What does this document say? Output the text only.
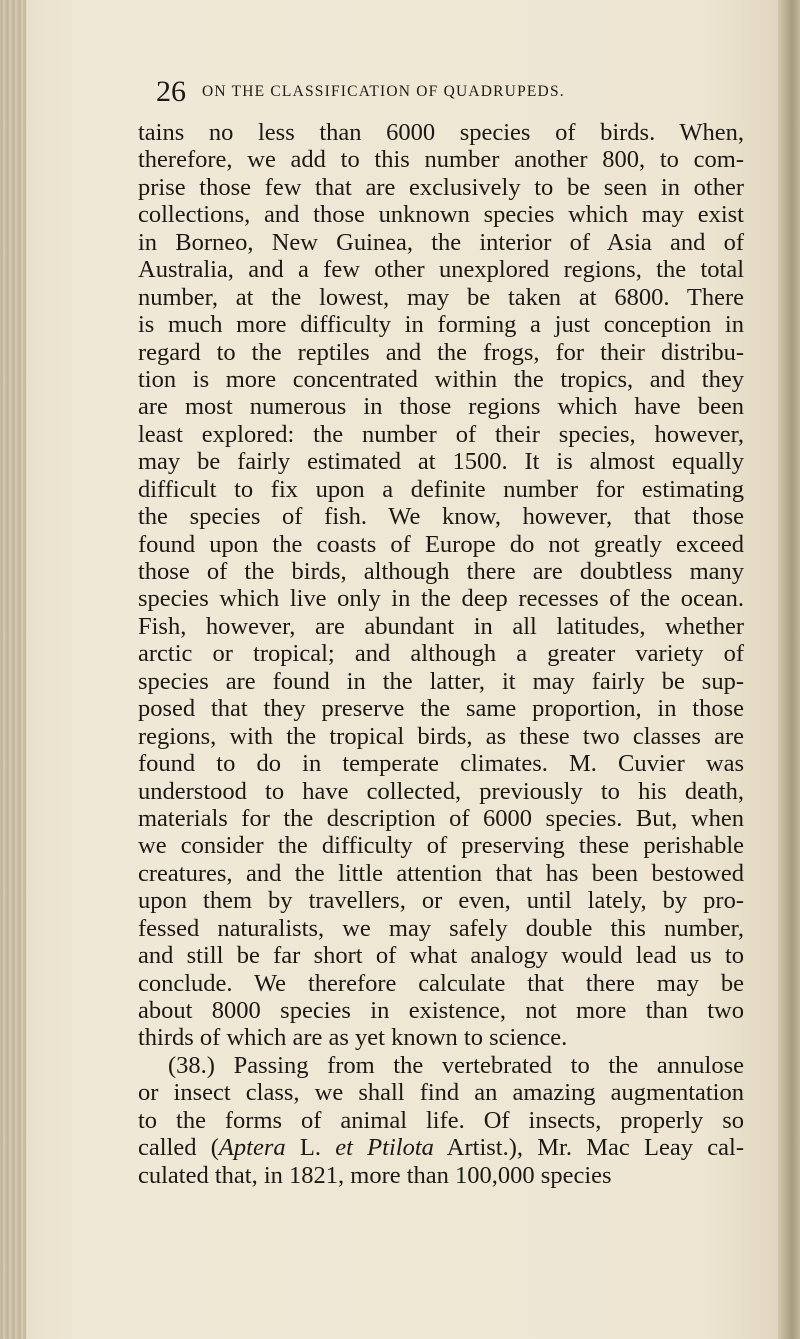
26 ON THE CLASSIFICATION OF QUADRUPEDS.
tains no less than 6000 species of birds. When,
therefore, we add to this number another 800, to com-
prise those few that are exclusively to be seen in other
collections, and those unknown species which may exist
in Borneo, New Guinea, the interior of Asia and of
Australia, and a few other unexplored regions, the total
number, at the lowest, may be taken at 6800. There
is much more difficulty in forming a just conception in
regard to the reptiles and the frogs, for their distribu-
tion is more concentrated within the tropics, and they
are most numerous in those regions which have been
least explored: the number of their species, however,
may be fairly estimated at 1500. It is almost equally
difficult to fix upon a definite number for estimating
the species of fish. We know, however, that those
found upon the coasts of Europe do not greatly exceed
those of the birds, although there are doubtless many
species which live only in the deep recesses of the ocean.
Fish, however, are abundant in all latitudes, whether
arctic or tropical; and although a greater variety of
species are found in the latter, it may fairly be sup-
posed that they preserve the same proportion, in those
regions, with the tropical birds, as these two classes are
found to do in temperate climates. M. Cuvier was
understood to have collected, previously to his death,
materials for the description of 6000 species. But, when
we consider the difficulty of preserving these perishable
creatures, and the little attention that has been bestowed
upon them by travellers, or even, until lately, by pro-
fessed naturalists, we may safely double this number,
and still be far short of what analogy would lead us to
conclude. We therefore calculate that there may be
about 8000 species in existence, not more than two
thirds of which are as yet known to science.
(38.) Passing from the vertebrated to the annulose
or insect class, we shall find an amazing augmentation
to the forms of animal life. Of insects, properly so
called (Aptera L. et Ptilota Artist.), Mr. Mac Leay cal-
culated that, in 1821, more than 100,000 species
